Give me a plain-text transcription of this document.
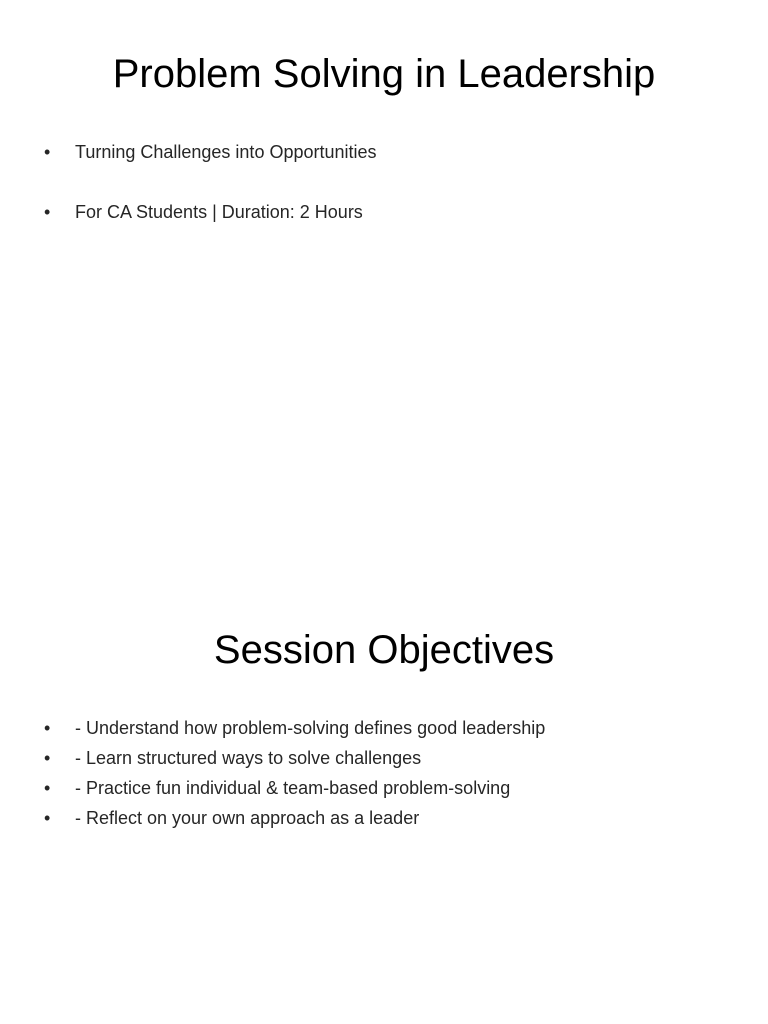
Problem Solving in Leadership
• Turning Challenges into Opportunities
• For CA Students | Duration: 2 Hours
Session Objectives
• - Understand how problem-solving defines good leadership
• - Learn structured ways to solve challenges
• - Practice fun individual & team-based problem-solving
• - Reflect on your own approach as a leader
